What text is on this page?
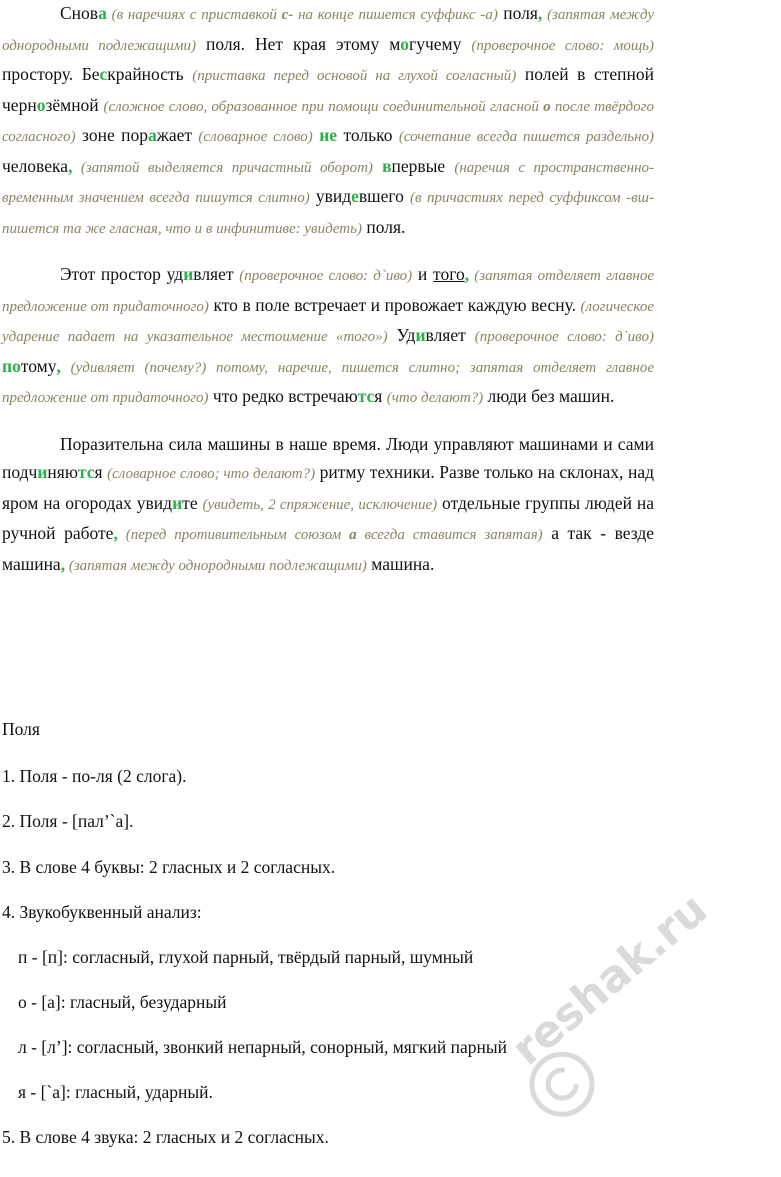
Снова (в наречиях с приставкой с- на конце пишется суффикс -а) поля, (запятая между однородными подлежащими) поля. Нет края этому могучему (проверочное слово: мощь) простору. Бескрайность (приставка перед основой на глухой согласный) полей в степной чернозёмной (сложное слово, образованное при помощи соединительной гласной о после твёрдого согласного) зоне поражает (словарное слово) не только (сочетание всегда пишется раздельно) человека, (запятой выделяется причастный оборот) впервые (наречия с пространственно-временным значением всегда пишутся слитно) увидевшего (в причастиях перед суффиксом -вш- пишется та же гласная, что и в инфинитиве: увидеть) поля.

Этот простор удивляет (проверочное слово: д`иво) и того, (запятая отделяет главное предложение от придаточного) кто в поле встречает и провожает каждую весну. (логическое ударение падает на указательное местоимение «того») Удивляет (проверочное слово: д`иво) потому, (удивляет (почему?) потому, наречие, пишется слитно; запятая отделяет главное предложение от придаточного) что редко встречаются (что делают?) люди без машин.

Поразительна сила машины в наше время. Люди управляют машинами и сами подчиняются (словарное слово; что делают?) ритму техники. Разве только на склонах, над яром на огородах увидите (увидеть, 2 спряжение, исключение) отдельные группы людей на ручной работе, (перед противительным союзом а всегда ставится запятая) а так - везде машина, (запятая между однородными подлежащими) машина.

Поля

1. Поля - по-ля (2 слога).

2. Поля - [пал’`а].

3. В слове 4 буквы: 2 гласных и 2 согласных.

4. Звукобуквенный анализ:

п - [п]: согласный, глухой парный, твёрдый парный, шумный

о - [а]: гласный, безударный

л - [л’]: согласный, звонкий непарный, сонорный, мягкий парный

я - [`а]: гласный, ударный.

5. В слове 4 звука: 2 гласных и 2 согласных.

reshak.ru
